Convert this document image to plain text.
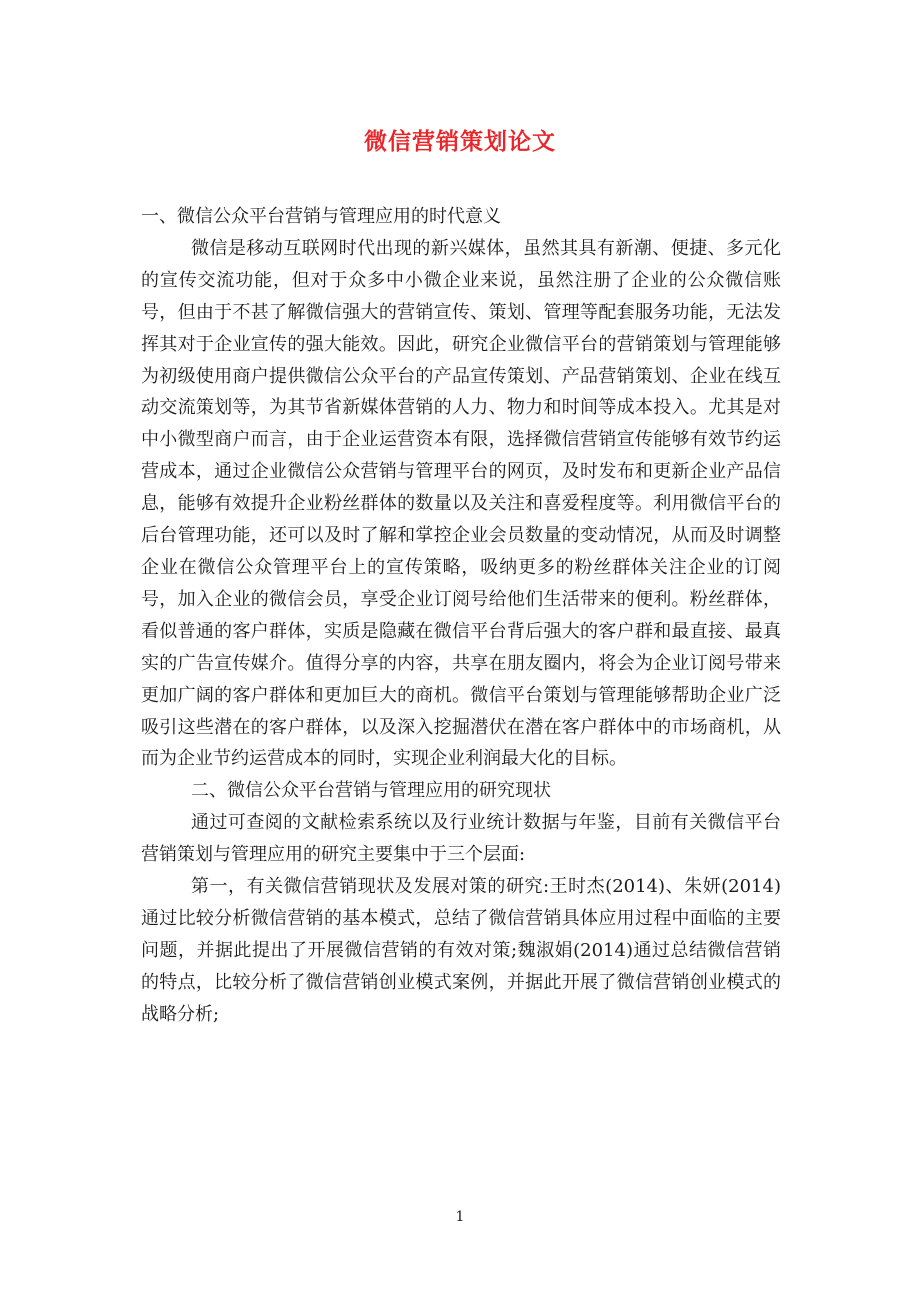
微信营销策划论文

一、微信公众平台营销与管理应用的时代意义

微信是移动互联网时代出现的新兴媒体，虽然其具有新潮、便捷、多元化的宣传交流功能，但对于众多中小微企业来说，虽然注册了企业的公众微信账号，但由于不甚了解微信强大的营销宣传、策划、管理等配套服务功能，无法发挥其对于企业宣传的强大能效。因此，研究企业微信平台的营销策划与管理能够为初级使用商户提供微信公众平台的产品宣传策划、产品营销策划、企业在线互动交流策划等，为其节省新媒体营销的人力、物力和时间等成本投入。尤其是对中小微型商户而言，由于企业运营资本有限，选择微信营销宣传能够有效节约运营成本，通过企业微信公众营销与管理平台的网页，及时发布和更新企业产品信息，能够有效提升企业粉丝群体的数量以及关注和喜爱程度等。利用微信平台的后台管理功能，还可以及时了解和掌控企业会员数量的变动情况，从而及时调整企业在微信公众管理平台上的宣传策略，吸纳更多的粉丝群体关注企业的订阅号，加入企业的微信会员，享受企业订阅号给他们生活带来的便利。粉丝群体，看似普通的客户群体，实质是隐藏在微信平台背后强大的客户群和最直接、最真实的广告宣传媒介。值得分享的内容，共享在朋友圈内，将会为企业订阅号带来更加广阔的客户群体和更加巨大的商机。微信平台策划与管理能够帮助企业广泛吸引这些潜在的客户群体，以及深入挖掘潜伏在潜在客户群体中的市场商机，从而为企业节约运营成本的同时，实现企业利润最大化的目标。

二、微信公众平台营销与管理应用的研究现状

通过可查阅的文献检索系统以及行业统计数据与年鉴，目前有关微信平台营销策划与管理应用的研究主要集中于三个层面:

第一，有关微信营销现状及发展对策的研究:王时杰(2014)、朱妍(2014)通过比较分析微信营销的基本模式，总结了微信营销具体应用过程中面临的主要问题，并据此提出了开展微信营销的有效对策;魏淑娟(2014)通过总结微信营销的特点，比较分析了微信营销创业模式案例，并据此开展了微信营销创业模式的战略分析;

1
